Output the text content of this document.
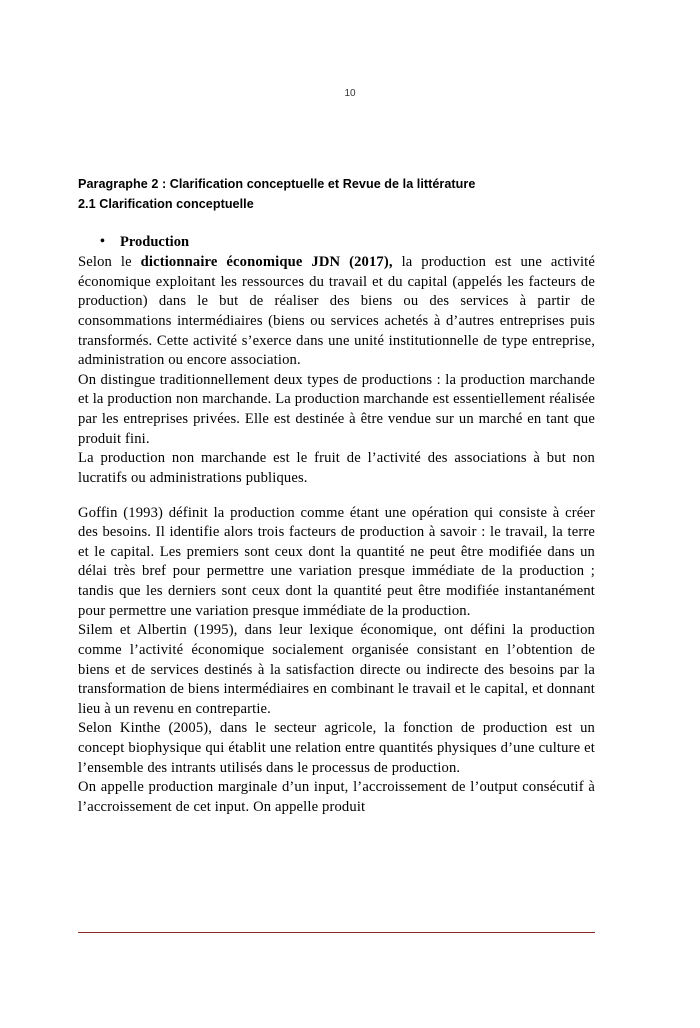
10
Paragraphe 2 : Clarification conceptuelle et Revue de la littérature
2.1 Clarification conceptuelle
• Production

Selon le dictionnaire économique JDN (2017), la production est une activité économique exploitant les ressources du travail et du capital (appelés les facteurs de production) dans le but de réaliser des biens ou des services à partir de consommations intermédiaires (biens ou services achetés à d’autres entreprises puis transformés. Cette activité s’exerce dans une unité institutionnelle de type entreprise, administration ou encore association.

On distingue traditionnellement deux types de productions : la production marchande et la production non marchande. La production marchande est essentiellement réalisée par les entreprises privées. Elle est destinée à être vendue sur un marché en tant que produit fini.

La production non marchande est le fruit de l’activité des associations à but non lucratifs ou administrations publiques.

Goffin (1993) définit la production comme étant une opération qui consiste à créer des besoins. Il identifie alors trois facteurs de production à savoir : le travail, la terre et le capital. Les premiers sont ceux dont la quantité ne peut être modifiée dans un délai très bref pour permettre une variation presque immédiate de la production ; tandis que les derniers sont ceux dont la quantité peut être modifiée instantanément pour permettre une variation presque immédiate de la production.

Silem et Albertin (1995), dans leur lexique économique, ont défini la production comme l’activité économique socialement organisée consistant en l’obtention de biens et de services destinés à la satisfaction directe ou indirecte des besoins par la transformation de biens intermédiaires en combinant le travail et le capital, et donnant lieu à un revenu en contrepartie.

Selon Kinthe (2005), dans le secteur agricole, la fonction de production est un concept biophysique qui établit une relation entre quantités physiques d’une culture et l’ensemble des intrants utilisés dans le processus de production.

On appelle production marginale d’un input, l’accroissement de l’output consécutif à l’accroissement de cet input. On appelle produit
